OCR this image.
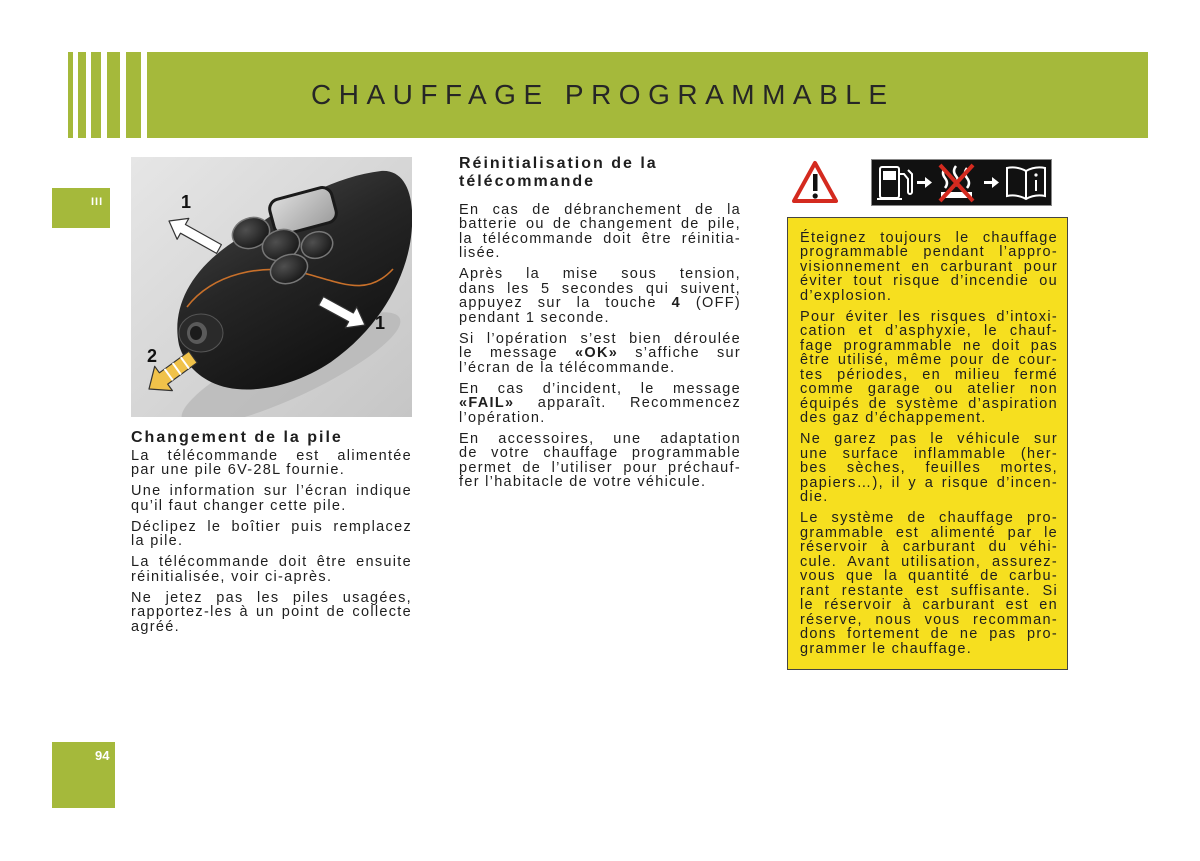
CHAUFFAGE PROGRAMMABLE
III
94
1
1
2
Changement de la pile
La télécommande est alimentée
par une pile 6V-28L fournie.
Une information sur l’écran indique
qu’il faut changer cette pile.
Déclipez le boîtier puis remplacez
la pile.
La télécommande doit être ensuite
réinitialisée, voir ci-après.
Ne jetez pas les piles usagées,
rapportez-les à un point de collecte
agréé.
Réinitialisation de la
télécommande
En cas de débranchement de la
batterie ou de changement de pile,
la télécommande doit être réinitia-
lisée.
Après la mise sous tension,
dans les 5 secondes qui suivent,
appuyez sur la touche 4 (OFF)
pendant 1 seconde.
Si l’opération s’est bien déroulée
le message «OK» s’affiche sur
l’écran de la télécommande.
En cas d’incident, le message
«FAIL» apparaît. Recommencez
l’opération.
En accessoires, une adaptation
de votre chauffage programmable
permet de l’utiliser pour préchauf-
fer l’habitacle de votre véhicule.
Éteignez toujours le chauffage
programmable pendant l’appro-
visionnement en carburant pour
éviter tout risque d’incendie ou
d’explosion.
Pour éviter les risques d’intoxi-
cation et d’asphyxie, le chauf-
fage programmable ne doit pas
être utilisé, même pour de cour-
tes périodes, en milieu fermé
comme garage ou atelier non
équipés de système d’aspiration
des gaz d’échappement.
Ne garez pas le véhicule sur
une surface inflammable (her-
bes sèches, feuilles mortes,
papiers…), il y a risque d’incen-
die.
Le système de chauffage pro-
grammable est alimenté par le
réservoir à carburant du véhi-
cule. Avant utilisation, assurez-
vous que la quantité de carbu-
rant restante est suffisante. Si
le réservoir à carburant est en
réserve, nous vous recomman-
dons fortement de ne pas pro-
grammer le chauffage.
